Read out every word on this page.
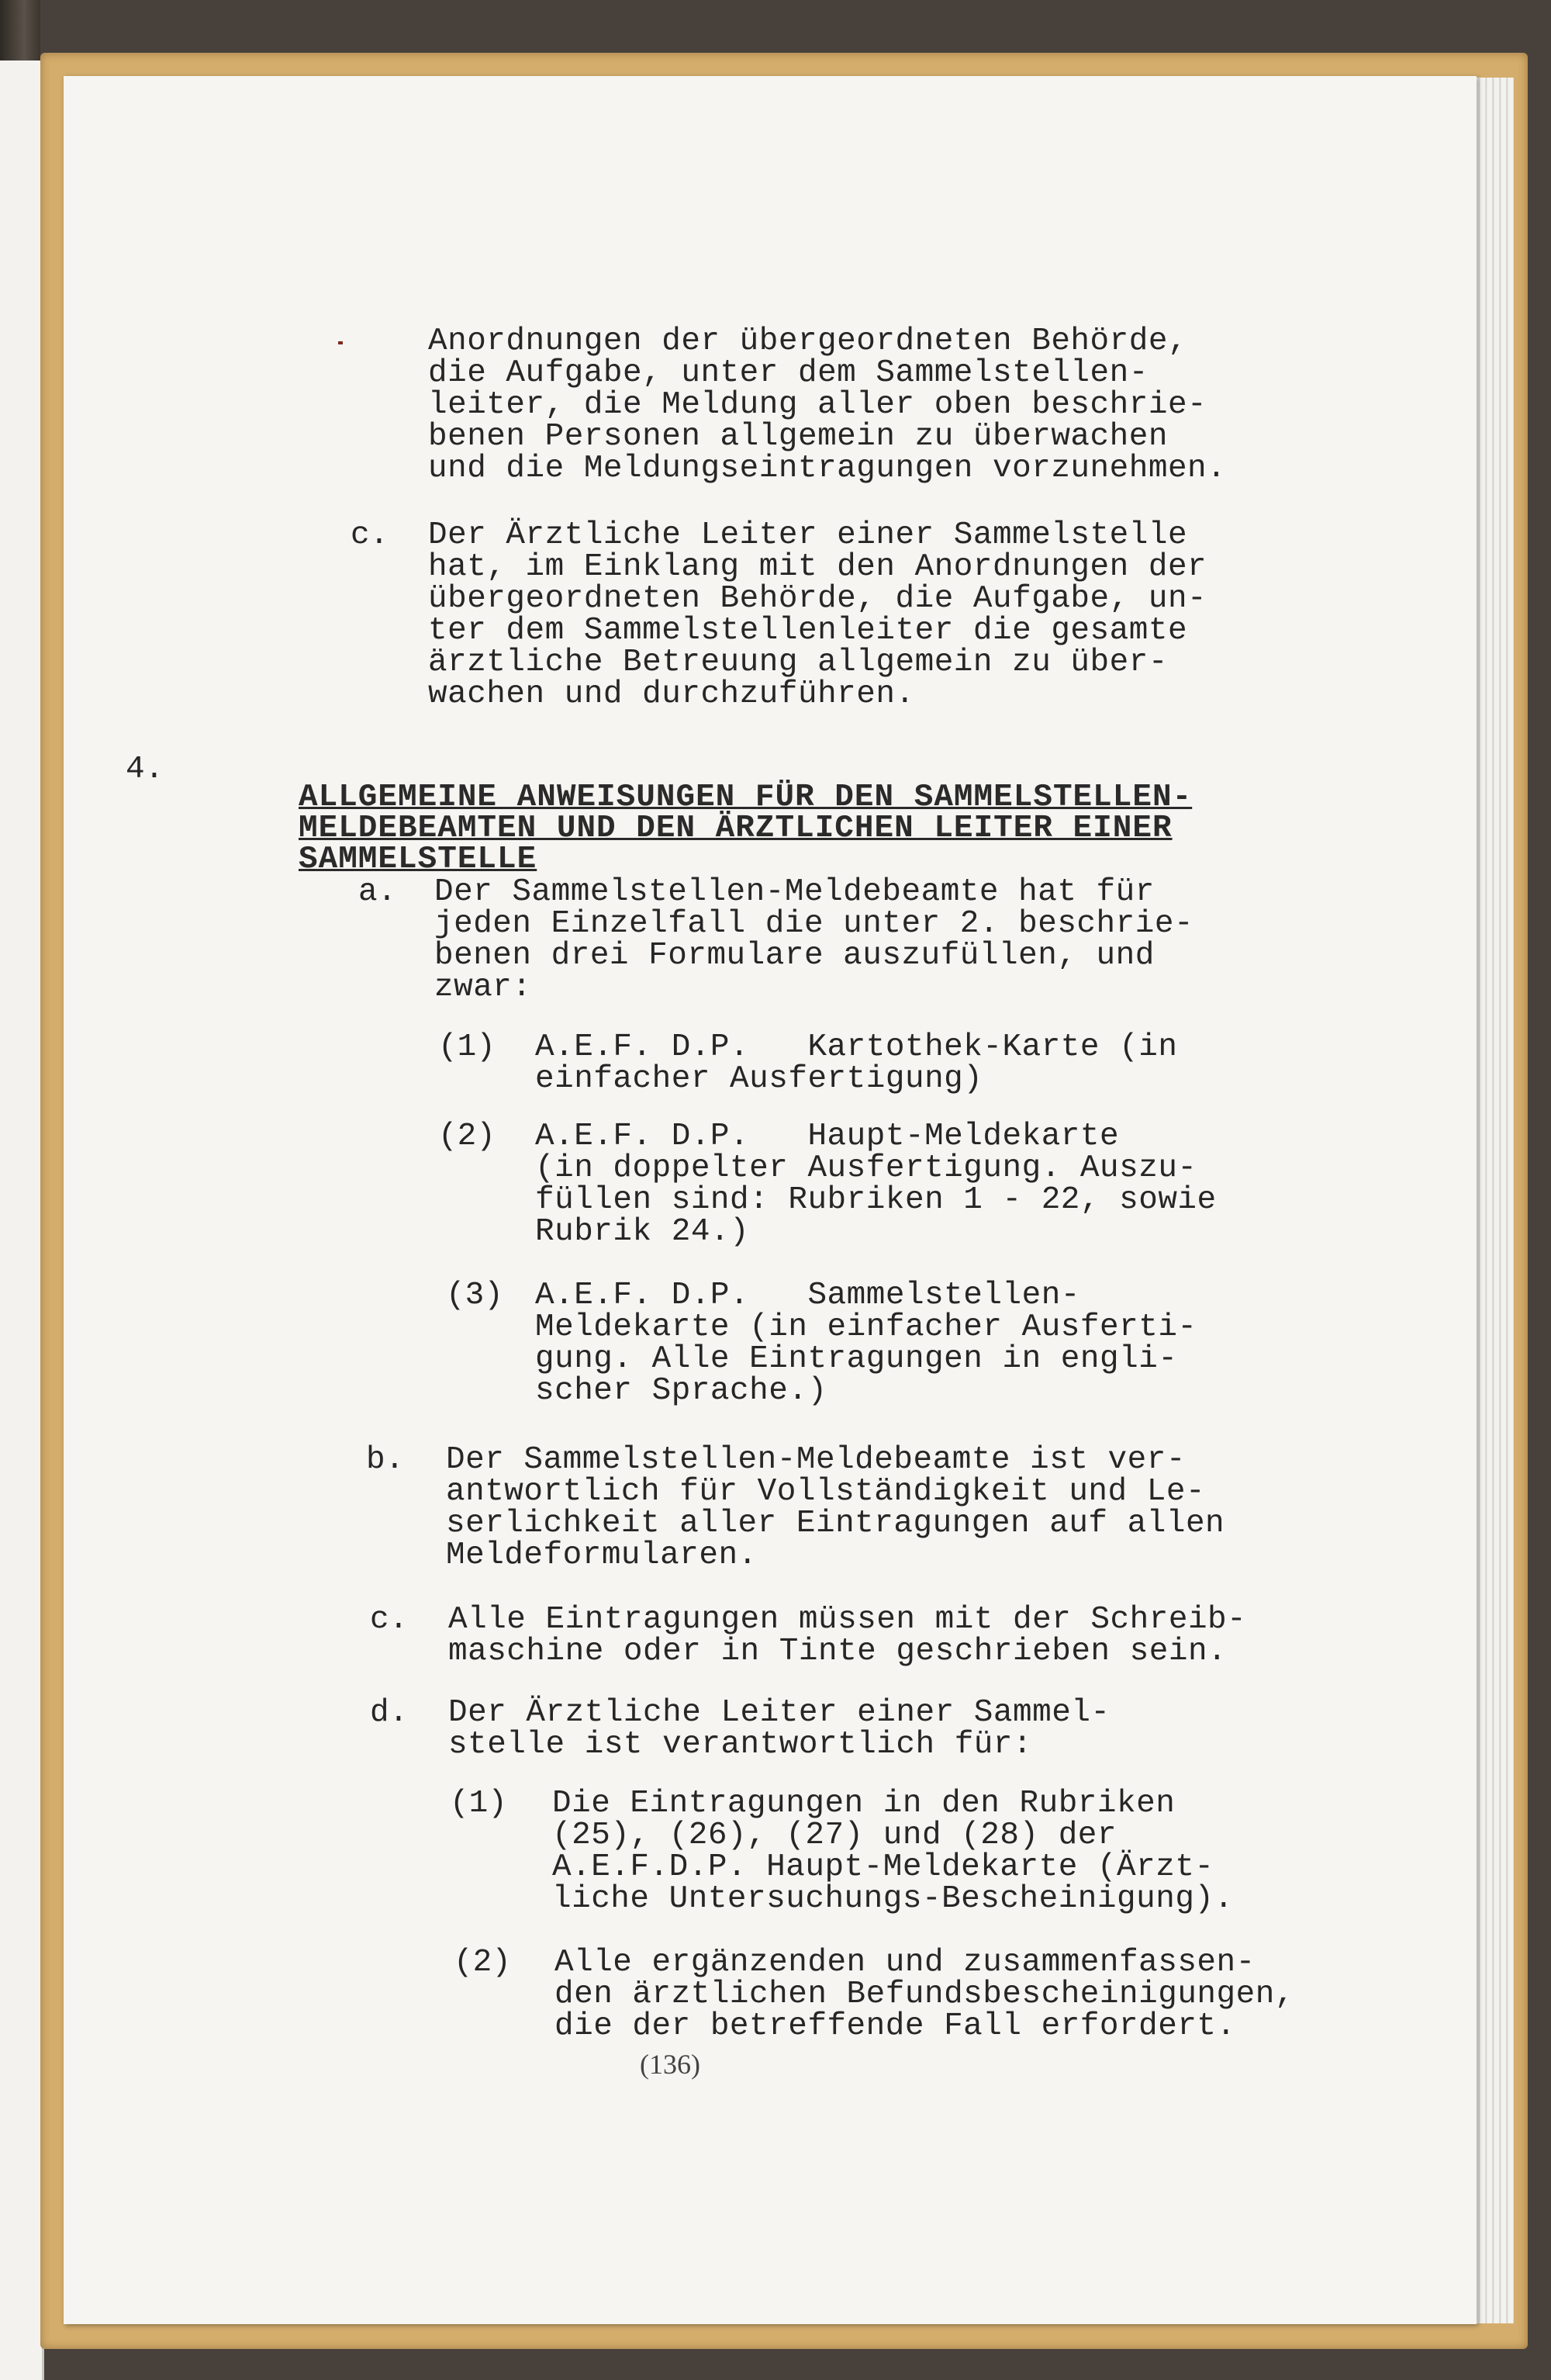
Anordnungen der übergeordneten Behörde,

die Aufgabe, unter dem Sammelstellen-

leiter, die Meldung aller oben beschrie-

benen Personen allgemein zu überwachen

und die Meldungseintragungen vorzunehmen.

c. Der Ärztliche Leiter einer Sammelstelle

hat, im Einklang mit den Anordnungen der

übergeordneten Behörde, die Aufgabe, un-

ter dem Sammelstellenleiter die gesamte

ärztliche Betreuung allgemein zu über-

wachen und durchzuführen.

4.

ALLGEMEINE ANWEISUNGEN FÜR DEN SAMMELSTELLEN-

MELDEBEAMTEN UND DEN ÄRZTLICHEN LEITER EINER

SAMMELSTELLE

a. Der Sammelstellen-Meldebeamte hat für

jeden Einzelfall die unter 2. beschrie-

benen drei Formulare auszufüllen, und

zwar:

(1) A.E.F. D.P.   Kartothek-Karte (in

einfacher Ausfertigung)

(2) A.E.F. D.P.   Haupt-Meldekarte

(in doppelter Ausfertigung. Auszu-

füllen sind: Rubriken 1 - 22, sowie

Rubrik 24.)

(3) A.E.F. D.P.   Sammelstellen-

Meldekarte (in einfacher Ausferti-

gung. Alle Eintragungen in engli-

scher Sprache.)

b. Der Sammelstellen-Meldebeamte ist ver-

antwortlich für Vollständigkeit und Le-

serlichkeit aller Eintragungen auf allen

Meldeformularen.

c. Alle Eintragungen müssen mit der Schreib-

maschine oder in Tinte geschrieben sein.

d. Der Ärztliche Leiter einer Sammel-

stelle ist verantwortlich für:

(1) Die Eintragungen in den Rubriken

(25), (26), (27) und (28) der

A.E.F.D.P. Haupt-Meldekarte (Ärzt-

liche Untersuchungs-Bescheinigung).

(2) Alle ergänzenden und zusammenfassen-

den ärztlichen Befundsbescheinigungen,

die der betreffende Fall erfordert.

(136)
